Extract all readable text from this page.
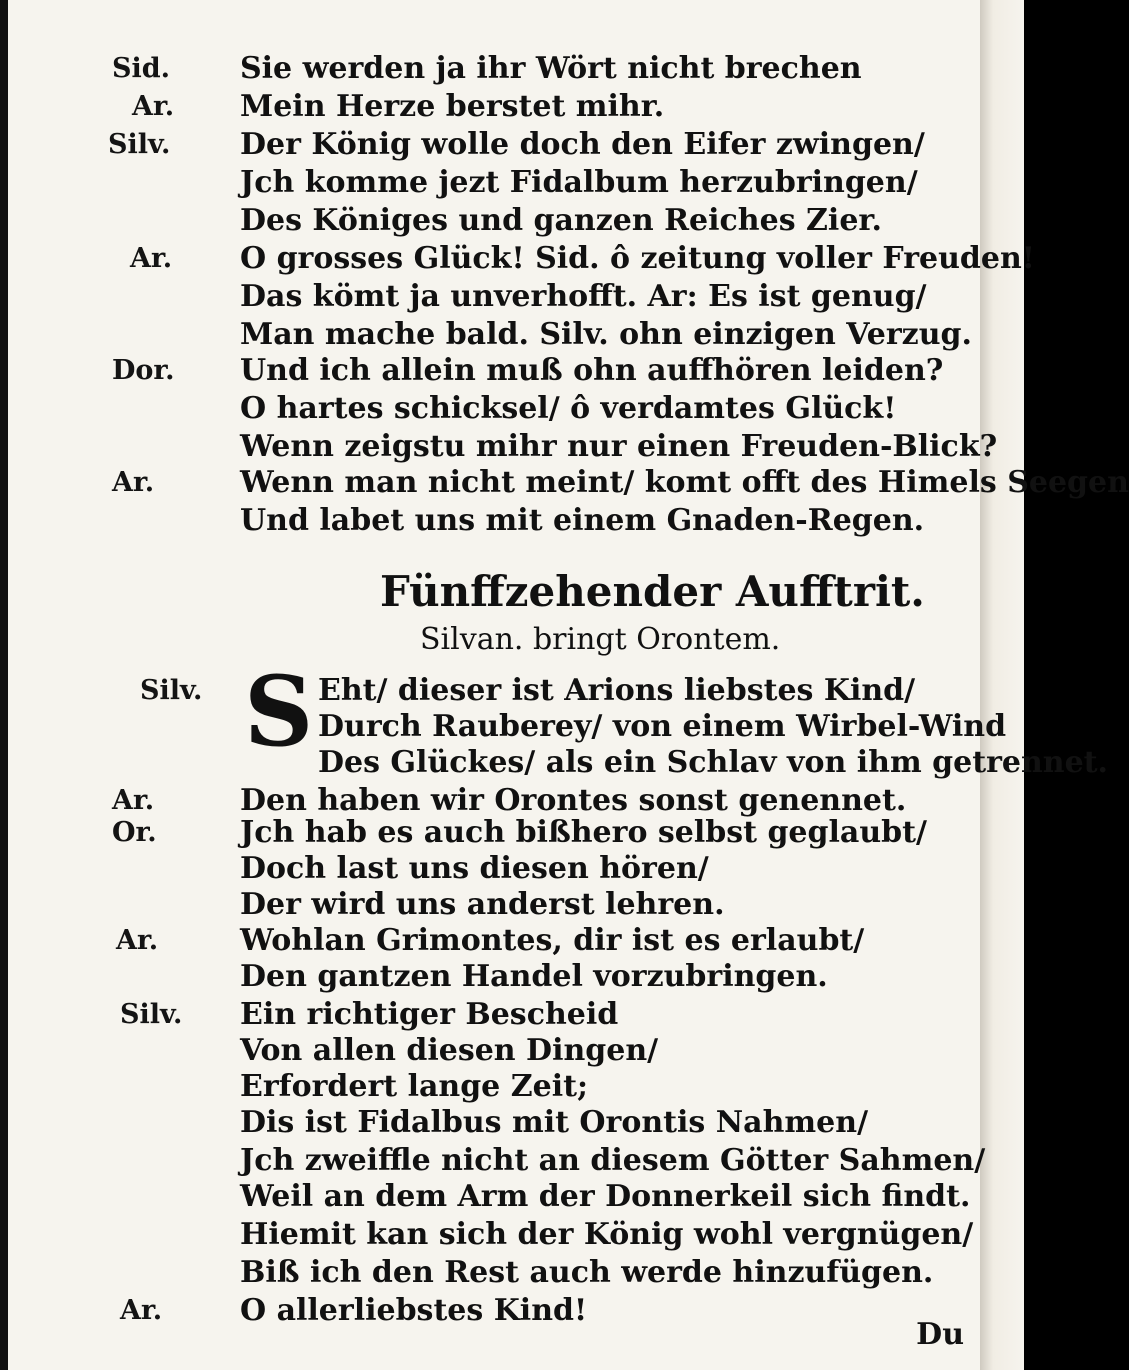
Sid. Sie werden ja ihr Wört nicht brechen
Ar. Mein Herze berstet mihr.
Silv. Der König wolle doch den Eifer zwingen/
Jch komme jezt Fidalbum herzubringen/
Des Königes und ganzen Reiches Zier.
Ar. O grosses Glück! Sid. ô zeitung voller Freuden!
Das kömt ja unverhofft. Ar: Es ist genug/
Man mache bald. Silv. ohn einzigen Verzug.
Dor. Und ich allein muß ohn auffhören leiden?
O hartes schicksel/ ô verdamtes Glück!
Wenn zeigstu mihr nur einen Freuden-Blick?
Ar.	Wenn man nicht meint/ komt offt des Himels Seegen
Und labet uns mit einem Gnaden-Regen.
Fünffzehender Aufftrit.
Silvan. bringt Orontem.
S
Silv.	Eht/ dieser ist Arions liebstes Kind/
Durch Rauberey/ von einem Wirbel-Wind
Des Glückes/ als ein Schlav von ihm getrennet.
Ar.	Den haben wir Orontes sonst genennet.
Or.	Jch hab es auch bißhero selbst geglaubt/
Doch last uns diesen hören/
Der wird uns anderst lehren.
Ar.	Wohlan Grimontes, dir ist es erlaubt/
Den gantzen Handel vorzubringen.
Silv. Ein richtiger Bescheid
Von allen diesen Dingen/
Erfordert lange Zeit;
Dis ist Fidalbus mit Orontis Nahmen/
Jch zweiffle nicht an diesem Götter Sahmen/
Weil an dem Arm der Donnerkeil sich findt.
Hiemit kan sich der König wohl vergnügen/
Biß ich den Rest auch werde hinzufügen.
Ar.	O allerliebstes Kind!
Du
